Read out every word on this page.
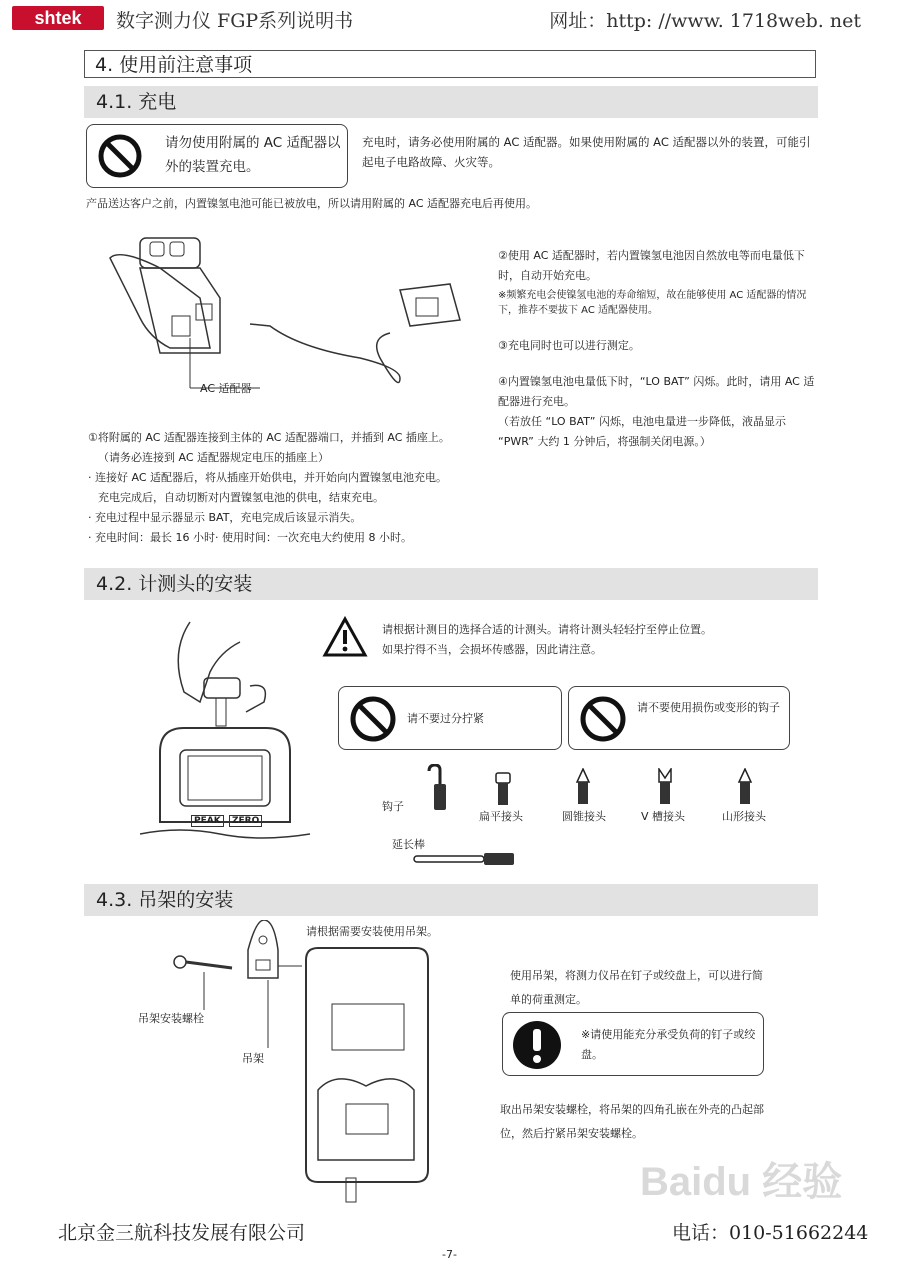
shtek	数字测力仪 FGP系列说明书	网址：http: //www. 1718web. net
4. 使用前注意事项
4.1. 充电
请勿使用附属的 AC 适配器以外的装置充电。
充电时，请务必使用附属的 AC 适配器。如果使用附属的 AC 适配器以外的装置，可能引起电子电路故障、火灾等。
产品送达客户之前，内置镍氢电池可能已被放电，所以请用附属的 AC 适配器充电后再使用。
AC 适配器
②使用 AC 适配器时，若内置镍氢电池因自然放电等而电量低下时，自动开始充电。
※频繁充电会使镍氢电池的寿命缩短，故在能够使用 AC 适配器的情况下，推荐不要拔下 AC 适配器使用。
③充电同时也可以进行测定。
④内置镍氢电池电量低下时，“LO BAT” 闪烁。此时，请用 AC 适配器进行充电。
（若放任 “LO BAT” 闪烁，电池电量进一步降低，液晶显示 “PWR” 大约 1 分钟后，将强制关闭电源。）
①将附属的 AC 适配器连接到主体的 AC 适配器端口，并插到 AC 插座上。
（请务必连接到 AC 适配器规定电压的插座上）
· 连接好 AC 适配器后，将从插座开始供电，并开始向内置镍氢电池充电。
充电完成后，自动切断对内置镍氢电池的供电，结束充电。
· 充电过程中显示器显示 BAT，充电完成后该显示消失。
· 充电时间：最长 16 小时· 使用时间：一次充电大约使用 8 小时。
4.2. 计测头的安装
PEAK	ZERO
请根据计测目的选择合适的计测头。请将计测头轻轻拧至停止位置。
如果拧得不当，会损坏传感器，因此请注意。
请不要过分拧紧
请不要使用损伤或变形的钩子
钩子
扁平接头	圆锥接头	V 槽接头	山形接头
延长棒
4.3. 吊架的安装
请根据需要安装使用吊架。
吊架安装螺栓
吊架
使用吊架，将测力仪吊在钉子或绞盘上，可以进行简单的荷重测定。
※请使用能充分承受负荷的钉子或绞盘。
取出吊架安装螺栓，将吊架的四角孔嵌在外壳的凸起部位，然后拧紧吊架安装螺栓。
Baidu 经验
北京金三航科技发展有限公司	电话：010-51662244
-7-
